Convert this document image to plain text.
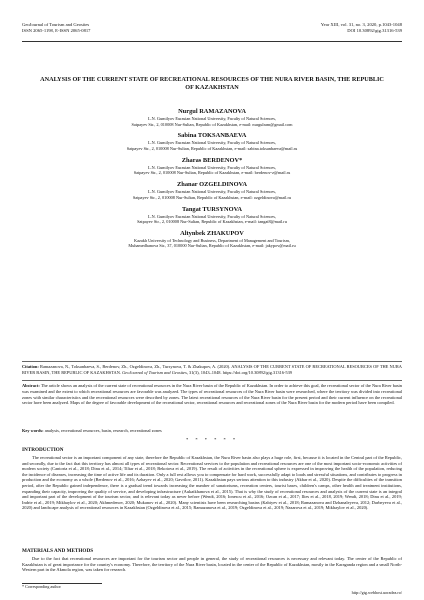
GeoJournal of Tourism and Geosites
ISSN 2065-1198, E-ISSN 2065-0817
Year XIII, vol. 31, no. 3, 2020, p.1043-1048
DOI 10.30892/gtg.31316-539
ANALYSIS OF THE CURRENT STATE OF RECREATIONAL RESOURCES OF THE NURA RIVER BASIN, THE REPUBLIC OF KAZAKHSTAN
Nurgul RAMAZANOVA
L.N. Gumilyov Eurasian National University, Faculty of Natural Sciences,
Satpayev Str., 2, 010008 Nur-Sultan, Republic of Kazakhstan, e-mail: nurgulram@gmail.com
Sabina TOKSANBAEVA
L.N. Gumilyov Eurasian National University, Faculty of Natural Sciences,
Satpayev Str., 2, 010008 Nur-Sultan, Republic of Kazakhstan, e-mail: sabina.toksanbaeva@mail.ru
Zharas BERDENOV*
L.N. Gumilyov Eurasian National University, Faculty of Natural Sciences,
Satpayev Str., 2, 010008 Nur-Sultan, Republic of Kazakhstan, e-mail: berdenov-z@mail.ru
Zhanar OZGELDINOVA
L.N. Gumilyov Eurasian National University, Faculty of Natural Sciences,
Satpayev Str., 2, 010008 Nur-Sultan, Republic of Kazakhstan, e-mail: ozgeldinova@mail.ru
Tangat TURSYNOVA
L.N. Gumilyov Eurasian National University, Faculty of Natural Sciences,
Satpayev Str., 2, 010008 Nur-Sultan, Republic of Kazakhstan, e-mail: tangat8@mail.ru
Altynbek ZHAKUPOV
Kazakh University of Technology and Business, Department of Management and Tourism,
Muhamedhanova Str., 37, 010000 Nur-Sultan, Republic of Kazakhstan, e-mail: jakypov@mail.ru
Citation: Ramazanova, N., Toksanbaeva, S., Berdenov, Zh., Ozgeldinova, Zh., Tursynova, T. & Zhakupov, A. (2020). ANALYSIS OF THE CURRENT STATE OF RECREATIONAL RESOURCES OF THE NURA RIVER BASIN, THE REPUBLIC OF KAZAKHSTAN. GeoJournal of Tourism and Geosites, 31(3), 1043–1048. https://doi.org/10.30892/gtg.31316-539
Abstract: The article shows an analysis of the current state of recreational resources in the Nura River basin of the Republic of Kazakhstan. In order to achieve this goal, the recreational sector of the Nura River basin was examined and the extent to which recreational resources are favorable was analyzed. The types of recreational resources of the Nura River basin were researched, where the territory was divided into recreational zones with similar characteristics and the recreational resources were described by zones. The latest recreational resources of the Nura River basin for the present period and their current influence on the recreational sector have been analyzed. Maps of the degree of favorable development of the recreational sector, recreational resources and recreational zones of the Nura River basin for the modern period have been compiled.
Key words: analysis, recreational resources, basin, research, recreational zones
* * * * * *
INTRODUCTION
The recreational sector is an important component of any state, therefore the Republic of Kazakhstan, the Nura River basin also plays a huge role, first, because it is located in the Central part of the Republic, and secondly, due to the fact that this territory has almost all types of recreational sector. Recreational services to the population and recreational resources are one of the most important socio-economic activities of modern society (Cantoria et al., 2018; Dinu et al., 2014; Tiltar et al., 2018; Bekotova et al., 2019). The result of activities in the recreational sphere is expressed in improving the health of the population, reducing the incidence of diseases, increasing the time of active life and its duration. Only a full rest allows you to compensate for hard work, successfully adapt to loads and stressful situations, and contributes to progress in production and the economy as a whole (Berdenov et al., 2016; Azhayev et al., 2020; Gavrilov, 2011). Kazakhstan pays serious attention to this industry (Akbar et al., 2020). Despite the difficulties of the transition period, after the Republic gained independence, there is a gradual trend towards increasing the number of sanatoriums, recreation centers, tourist bases, children's camps, other health and treatment institutions, expanding their capacity, improving the quality of service, and developing infrastructure (Aukatkhanova et al., 2015). That is why the study of recreational resources and analysis of the current state is an integral and important part of the development of the tourism sector, and is relevant today as never before (Wendt, 2016; Ionescu et al., 2016; Ozcan et al., 2017; Ilies et al., 2018, 2019; Wendt, 2018; Dinu et al., 2019; Indrie et al., 2019; Mikhaylov et al., 2020; Akhmedenov, 2020; Mukanov et al., 2020). Many scientists have been researching basins (Kabiyev et al., 2018; Ramazanova and Dzhanaleyeva, 2012; Darbeyeva et al., 2020) and landscape analysis of recreational resources in Kazakhstan (Ozgeldinova et al., 2015; Ramazanova et al., 2019; Ozgeldinova et al., 2019; Nazarova et al., 2019; Mikhaylov et al., 2020).
MATERIALS AND METHODS
Due to the fact that recreational resources are important for the tourism sector and people in general, the study of recreational resources is necessary and relevant today. The center of the Republic of Kazakhstan is of great importance for the country's economy. Therefore, the territory of the Nura River basin, located in the center of the Republic of Kazakhstan, mostly in the Karaganda region and a small North-Western part in the Akmola region, was taken for research.
* Corresponding author
http://gtg.webhost.uoradea.ro/
